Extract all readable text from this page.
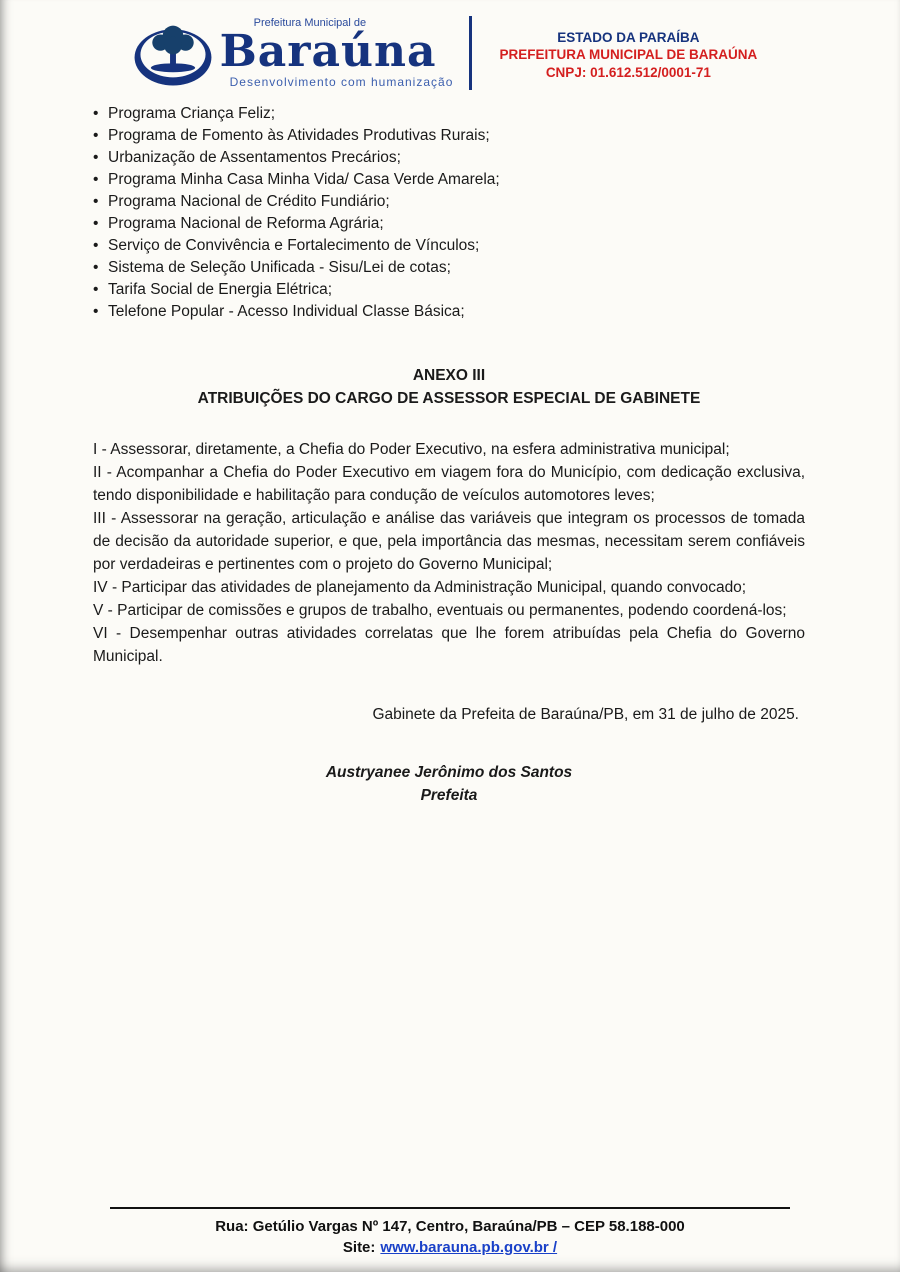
Prefeitura Municipal de
Baraúna
Desenvolvimento com humanização
ESTADO DA PARAÍBA
PREFEITURA MUNICIPAL DE BARAÚNA
CNPJ: 01.612.512/0001-71
• Programa Criança Feliz;
• Programa de Fomento às Atividades Produtivas Rurais;
• Urbanização de Assentamentos Precários;
• Programa Minha Casa Minha Vida/ Casa Verde Amarela;
• Programa Nacional de Crédito Fundiário;
• Programa Nacional de Reforma Agrária;
• Serviço de Convivência e Fortalecimento de Vínculos;
• Sistema de Seleção Unificada - Sisu/Lei de cotas;
• Tarifa Social de Energia Elétrica;
• Telefone Popular - Acesso Individual Classe Básica;
ANEXO III
ATRIBUIÇÕES DO CARGO DE ASSESSOR ESPECIAL DE GABINETE

I - Assessorar, diretamente, a Chefia do Poder Executivo, na esfera administrativa municipal;

II - Acompanhar a Chefia do Poder Executivo em viagem fora do Município, com dedicação exclusiva, tendo disponibilidade e habilitação para condução de veículos automotores leves;

III - Assessorar na geração, articulação e análise das variáveis que integram os processos de tomada de decisão da autoridade superior, e que, pela importância das mesmas, necessitam serem confiáveis por verdadeiras e pertinentes com o projeto do Governo Municipal;

IV - Participar das atividades de planejamento da Administração Municipal, quando convocado;

V - Participar de comissões e grupos de trabalho, eventuais ou permanentes, podendo coordená-los;

VI - Desempenhar outras atividades correlatas que lhe forem atribuídas pela Chefia do Governo Municipal.

Gabinete da Prefeita de Baraúna/PB, em 31 de julho de 2025.

Austryanee Jerônimo dos Santos
Prefeita
Rua: Getúlio Vargas Nº 147, Centro, Baraúna/PB – CEP 58.188-000
Site: www.barauna.pb.gov.br /
